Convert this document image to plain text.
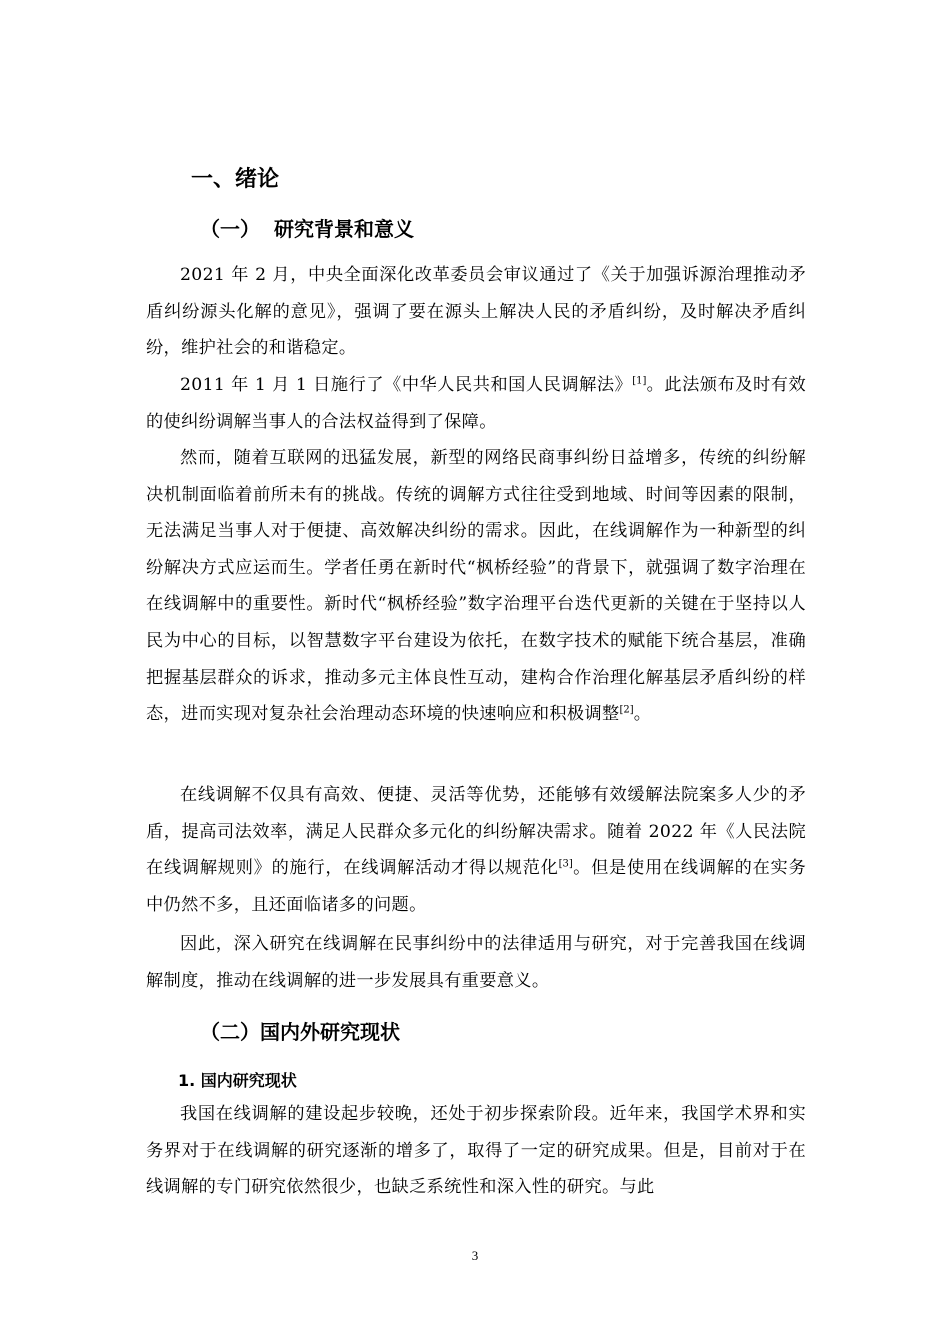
一、绪论
（一） 研究背景和意义

2021 年 2 月，中央全面深化改革委员会审议通过了《关于加强诉源治理推动矛盾纠纷源头化解的意见》，强调了要在源头上解决人民的矛盾纠纷，及时解决矛盾纠纷，维护社会的和谐稳定。

2011 年 1 月 1 日施行了《中华人民共和国人民调解法》[1]。此法颁布及时有效的使纠纷调解当事人的合法权益得到了保障。

然而，随着互联网的迅猛发展，新型的网络民商事纠纷日益增多，传统的纠纷解决机制面临着前所未有的挑战。传统的调解方式往往受到地域、时间等因素的限制，无法满足当事人对于便捷、高效解决纠纷的需求。因此，在线调解作为一种新型的纠纷解决方式应运而生。学者任勇在新时代“枫桥经验”的背景下，就强调了数字治理在在线调解中的重要性。新时代“枫桥经验”数字治理平台迭代更新的关键在于坚持以人民为中心的目标，以智慧数字平台建设为依托，在数字技术的赋能下统合基层，准确把握基层群众的诉求，推动多元主体良性互动，建构合作治理化解基层矛盾纠纷的样态，进而实现对复杂社会治理动态环境的快速响应和积极调整[2]。

在线调解不仅具有高效、便捷、灵活等优势，还能够有效缓解法院案多人少的矛盾，提高司法效率，满足人民群众多元化的纠纷解决需求。随着 2022 年《人民法院在线调解规则》的施行，在线调解活动才得以规范化[3]。但是使用在线调解的在实务中仍然不多，且还面临诸多的问题。

因此，深入研究在线调解在民事纠纷中的法律适用与研究，对于完善我国在线调解制度，推动在线调解的进一步发展具有重要意义。

（二）国内外研究现状
1. 国内研究现状

我国在线调解的建设起步较晚，还处于初步探索阶段。近年来，我国学术界和实务界对于在线调解的研究逐渐的增多了，取得了一定的研究成果。但是，目前对于在线调解的专门研究依然很少，也缺乏系统性和深入性的研究。与此

3
